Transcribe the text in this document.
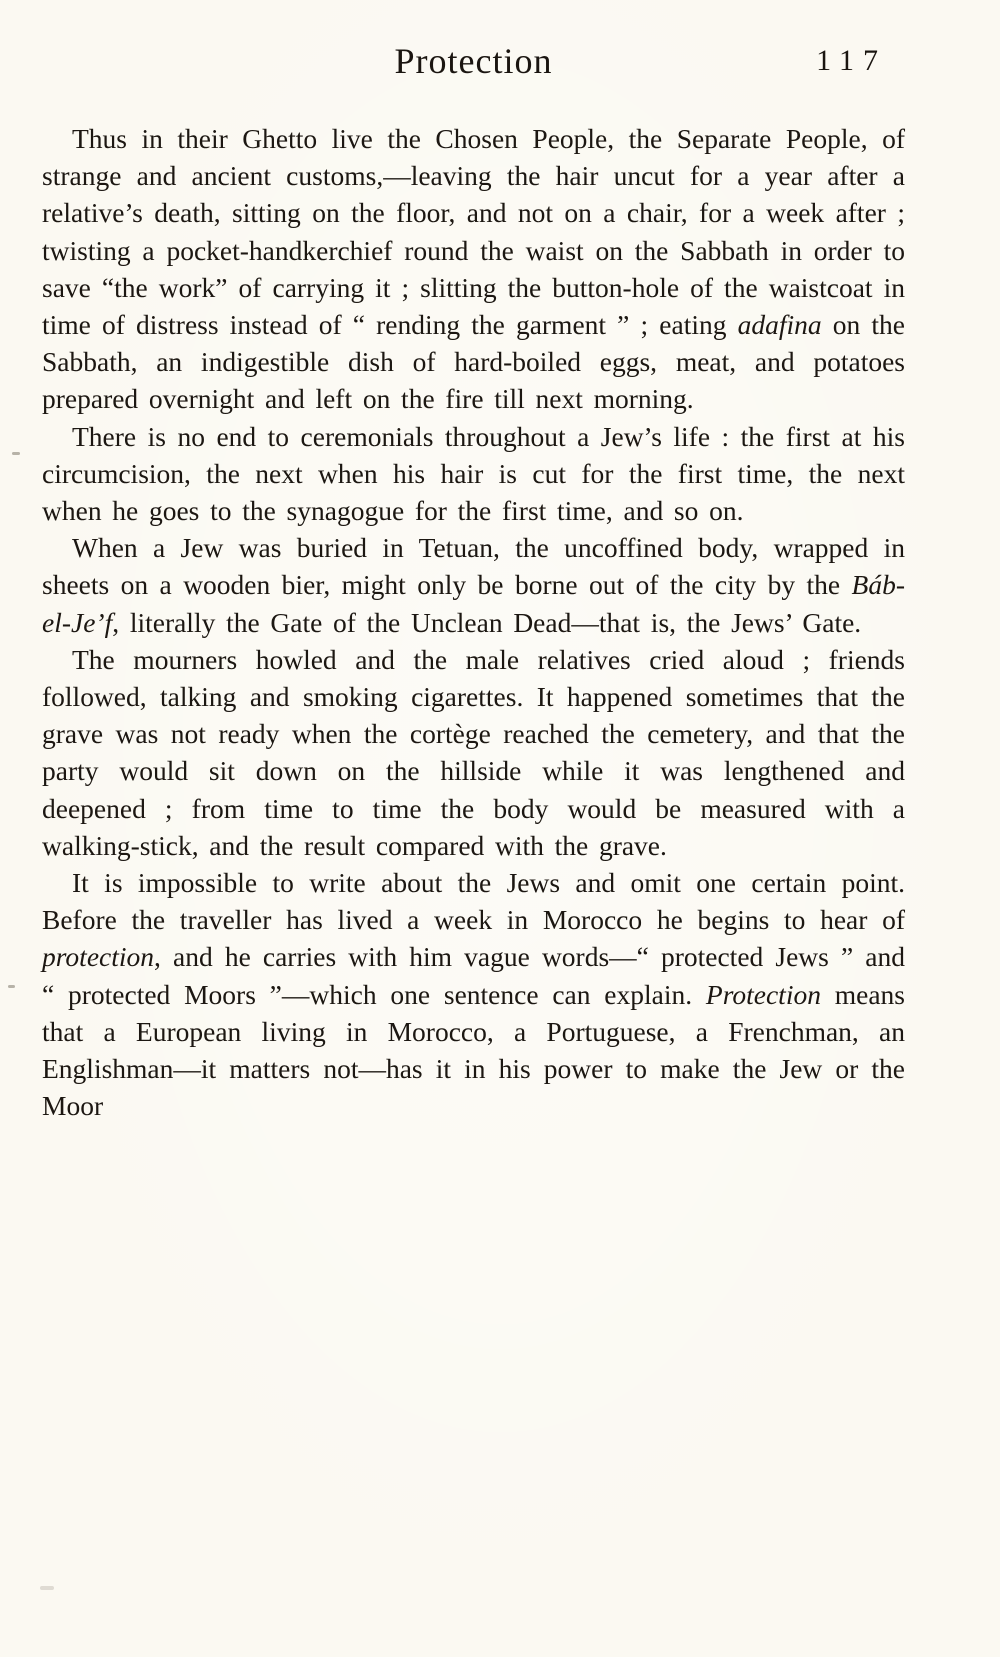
Protection	117

Thus in their Ghetto live the Chosen People, the Separate People, of strange and ancient customs,—leaving the hair uncut for a year after a relative’s death, sitting on the floor, and not on a chair, for a week after ; twisting a pocket-handkerchief round the waist on the Sabbath in order to save “the work” of carrying it ; slitting the button-hole of the waistcoat in time of distress instead of “ rending the garment ” ; eating adafina on the Sabbath, an indigestible dish of hard-boiled eggs, meat, and potatoes prepared overnight and left on the fire till next morning.

There is no end to ceremonials throughout a Jew’s life : the first at his circumcision, the next when his hair is cut for the first time, the next when he goes to the synagogue for the first time, and so on.

When a Jew was buried in Tetuan, the uncoffined body, wrapped in sheets on a wooden bier, might only be borne out of the city by the Báb-el-Je’f, literally the Gate of the Unclean Dead—that is, the Jews’ Gate.

The mourners howled and the male relatives cried aloud ; friends followed, talking and smoking cigarettes. It happened sometimes that the grave was not ready when the cortège reached the cemetery, and that the party would sit down on the hillside while it was lengthened and deepened ; from time to time the body would be measured with a walking-stick, and the result compared with the grave.

It is impossible to write about the Jews and omit one certain point. Before the traveller has lived a week in Morocco he begins to hear of protection, and he carries with him vague words—“ protected Jews ” and “ protected Moors ”—which one sentence can explain. Protection means that a European living in Morocco, a Portuguese, a Frenchman, an Englishman—it matters not—has it in his power to make the Jew or the Moor
